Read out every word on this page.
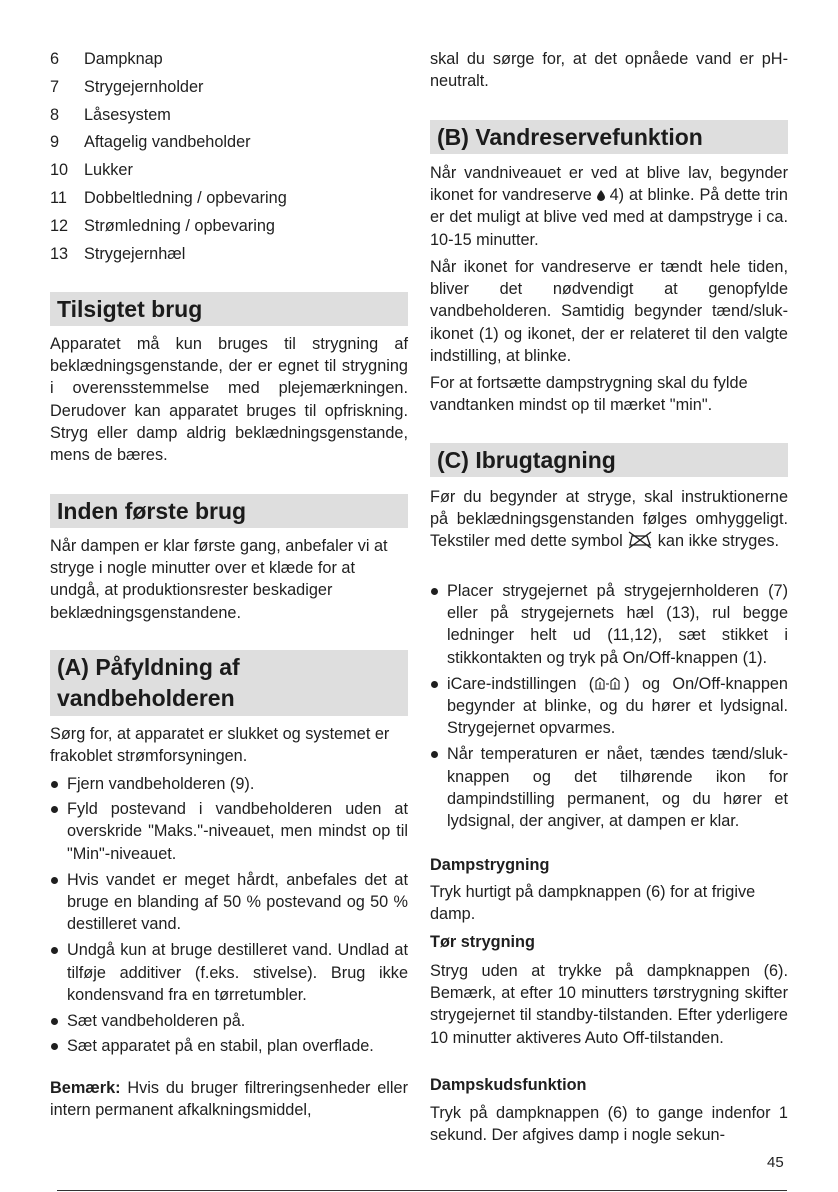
6	Dampknap
7	Strygejernholder
8	Låsesystem
9	Aftagelig vandbeholder
10 Lukker
11	Dobbeltledning / opbevaring
12 Strømledning / opbevaring
13 Strygejernhæl
Tilsigtet brug
Apparatet må kun bruges til strygning af beklædningsgenstande, der er egnet til strygning i overensstemmelse med plejemærkningen. Derudover kan apparatet bruges til opfriskning. Stryg eller damp aldrig beklædningsgenstande, mens de bæres.
Inden første brug
Når dampen er klar første gang, anbefaler vi at stryge i nogle minutter over et klæde for at undgå, at produktionsrester beskadiger beklædningsgenstandene.
(A) Påfyldning af vandbeholderen
Sørg for, at apparatet er slukket og systemet er frakoblet strømforsyningen.
Fjern vandbeholderen (9).
Fyld postevand i vandbeholderen uden at overskride "Maks."-niveauet, men mindst op til "Min"-niveauet.
Hvis vandet er meget hårdt, anbefales det at bruge en blanding af 50 % postevand og 50 % destilleret vand.
Undgå kun at bruge destilleret vand. Undlad at tilføje additiver (f.eks. stivelse). Brug ikke kondensvand fra en tørretumbler.
Sæt vandbeholderen på.
Sæt apparatet på en stabil, plan overflade.
Bemærk: Hvis du bruger filtreringsenheder eller intern permanent afkalkningsmiddel,
skal du sørge for, at det opnåede vand er pH-neutralt.
(B) Vandreservefunktion
Når vandniveauet er ved at blive lav, begynder ikonet for vandreserve  4) at blinke. På dette trin er det muligt at blive ved med at dampstryge i ca. 10-15 minutter.
Når ikonet for vandreserve er tændt hele tiden, bliver det nødvendigt at genopfylde vandbeholderen. Samtidig begynder tænd/sluk-ikonet (1) og ikonet, der er relateret til den valgte indstilling, at blinke.
For at fortsætte dampstrygning skal du fylde vandtanken mindst op til mærket "min".
(C) Ibrugtagning
Før du begynder at stryge, skal instruktionerne på beklædningsgenstanden følges omhyggeligt. Tekstiler med dette symbol  kan ikke stryges.
Placer strygejernet på strygejernholderen (7) eller på strygejernets hæl (13), rul begge ledninger helt ud (11,12), sæt stikket i stikkontakten og tryk på On/Off-knappen (1).
iCare-indstillingen ( ) og On/Off-knappen begynder at blinke, og du hører et lydsignal. Strygejernet opvarmes.
Når temperaturen er nået, tændes tænd/sluk-knappen og det tilhørende ikon for dampindstilling permanent, og du hører et lydsignal, der angiver, at dampen er klar.
Dampstrygning
Tryk hurtigt på dampknappen (6) for at frigive damp.
Tør strygning
Stryg uden at trykke på dampknappen (6). Bemærk, at efter 10 minutters tørstrygning skifter strygejernet til standby-tilstanden. Efter yderligere 10 minutter aktiveres Auto Off-tilstanden.
Dampskudsfunktion
Tryk på dampknappen (6) to gange indenfor 1 sekund. Der afgives damp i nogle sekun-
45
